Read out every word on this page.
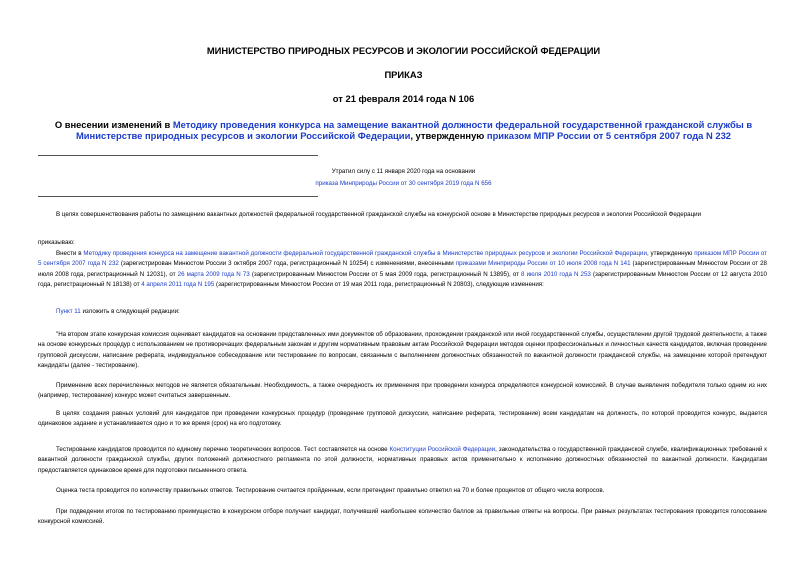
МИНИСТЕРСТВО ПРИРОДНЫХ РЕСУРСОВ И ЭКОЛОГИИ РОССИЙСКОЙ ФЕДЕРАЦИИ
ПРИКАЗ
от 21 февраля 2014 года N 106
О внесении изменений в Методику проведения конкурса на замещение вакантной должности федеральной государственной гражданской службы в Министерстве природных ресурсов и экологии Российской Федерации, утвержденную приказом МПР России от 5 сентября 2007 года N 232
Утратил силу с 11 января 2020 года на основании
приказа Минприроды России от 30 сентября 2019 года N 656
В целях совершенствования работы по замещению вакантных должностей федеральной государственной гражданской службы на конкурсной основе в Министерстве природных ресурсов и экологии Российской Федерации
приказываю:
Внести в Методику проведения конкурса на замещение вакантной должности федеральной государственной гражданской службы в Министерстве природных ресурсов и экологии Российской Федерации, утвержденную приказом МПР России от 5 сентября 2007 года N 232 (зарегистрирован Минюстом России 3 октября 2007 года, регистрационный N 10254) с изменениями, внесенными приказами Минприроды России от 10 июля 2008 года N 141 (зарегистрированным Минюстом России от 28 июля 2008 года, регистрационный N 12031), от 26 марта 2009 года N 73 (зарегистрированным Минюстом России от 5 мая 2009 года, регистрационный N 13895), от 8 июля 2010 года N 253 (зарегистрированным Минюстом России от 12 августа 2010 года, регистрационный N 18138) от 4 апреля 2011 года N 195 (зарегистрированным Минюстом России от 19 мая 2011 года, регистрационный N 20803), следующие изменения:
Пункт 11 изложить в следующей редакции:
"На втором этапе конкурсная комиссия оценивает кандидатов на основании представленных ими документов об образовании, прохождении гражданской или иной государственной службы, осуществлении другой трудовой деятельности, а также на основе конкурсных процедур с использованием не противоречащих федеральным законам и другим нормативным правовым актам Российской Федерации методов оценки профессиональных и личностных качеств кандидатов, включая проведение групповой дискуссии, написание реферата, индивидуальное собеседование или тестирование по вопросам, связанным с выполнением должностных обязанностей по вакантной должности гражданской службы, на замещение которой претендуют кандидаты (далее - тестирование).
Применение всех перечисленных методов не является обязательным. Необходимость, а также очередность их применения при проведении конкурса определяются конкурсной комиссией. В случае выявления победителя только одним из них (например, тестирование) конкурс может считаться завершенным.
В целях создания равных условий для кандидатов при проведении конкурсных процедур (проведение групповой дискуссии, написание реферата, тестирование) всем кандидатам на должность, по которой проводится конкурс, выдается одинаковое задание и устанавливается одно и то же время (срок) на его подготовку.
Тестирование кандидатов проводится по единому перечню теоретических вопросов. Тест составляется на основе Конституции Российской Федерации, законодательства о государственной гражданской службе, квалификационных требований к вакантной должности гражданской службы, других положений должностного регламента по этой должности, нормативных правовых актов применительно к исполнению должностных обязанностей по вакантной должности. Кандидатам предоставляется одинаковое время для подготовки письменного ответа.
Оценка теста проводится по количеству правильных ответов. Тестирование считается пройденным, если претендент правильно ответил на 70 и более процентов от общего числа вопросов.
При подведении итогов по тестированию преимущество в конкурсном отборе получает кандидат, получивший наибольшее количество баллов за правильные ответы на вопросы. При равных результатах тестирования проводится голосование конкурсной комиссией.
